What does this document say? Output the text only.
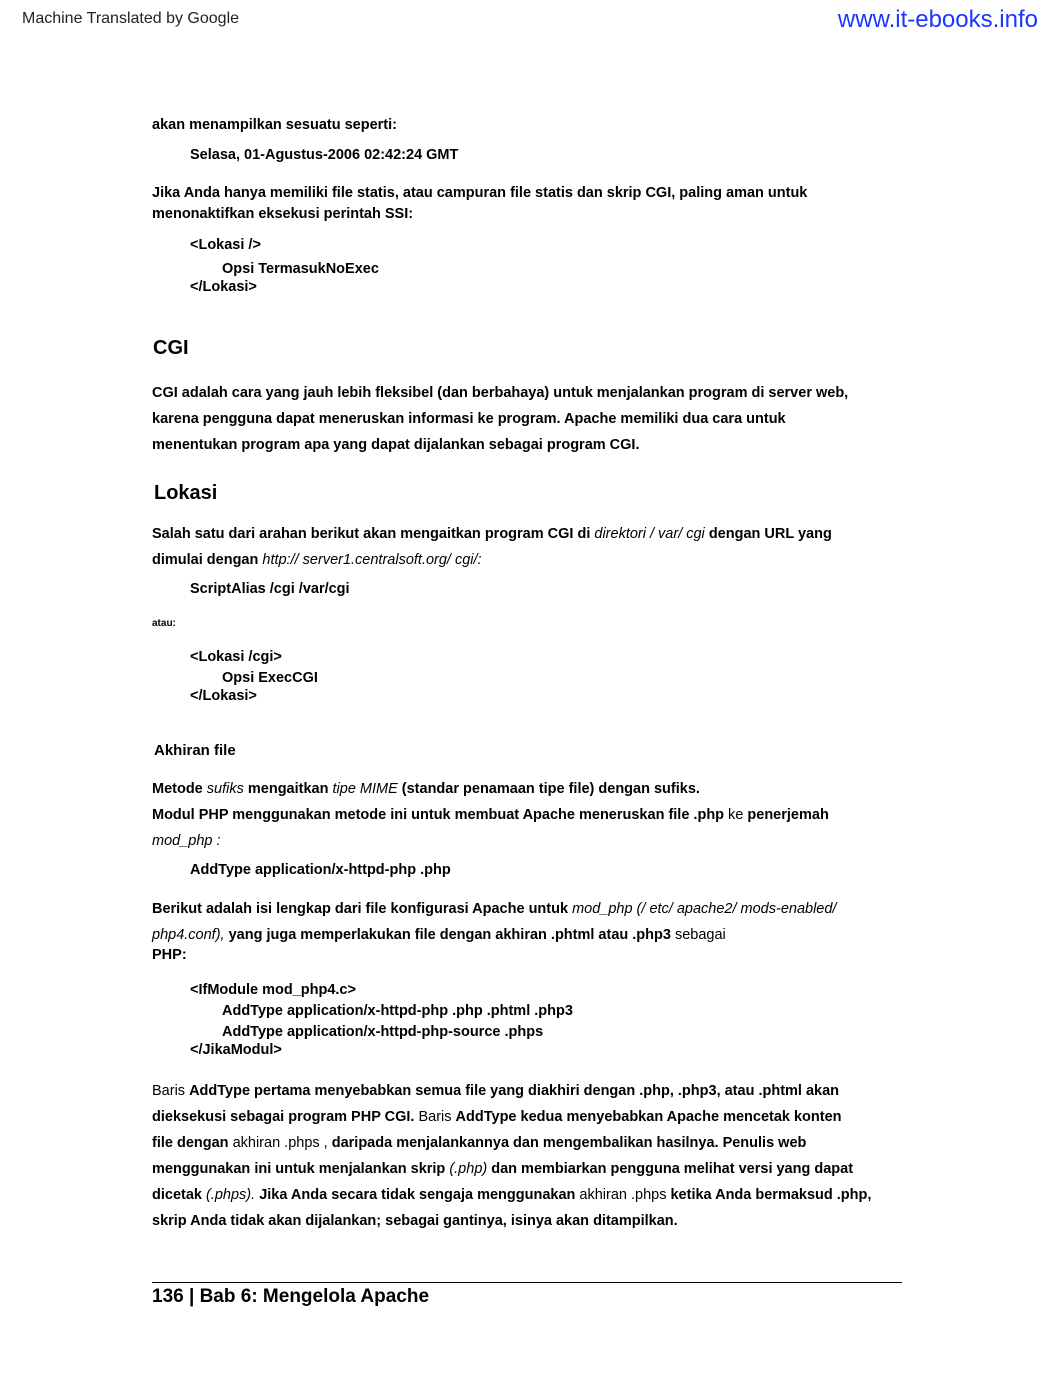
Machine Translated by Google	www.it-ebooks.info
akan menampilkan sesuatu seperti:
Selasa, 01-Agustus-2006 02:42:24 GMT
Jika Anda hanya memiliki file statis, atau campuran file statis dan skrip CGI, paling aman untuk
menonaktifkan eksekusi perintah SSI:
<Lokasi />
Opsi TermasukNoExec
</Lokasi>
CGI
CGI adalah cara yang jauh lebih fleksibel (dan berbahaya) untuk menjalankan program di server web,
karena pengguna dapat meneruskan informasi ke program. Apache memiliki dua cara untuk
menentukan program apa yang dapat dijalankan sebagai program CGI.
Lokasi
Salah satu dari arahan berikut akan mengaitkan program CGI di direktori / var/ cgi dengan URL yang
dimulai dengan http:// server1.centralsoft.org/ cgi/:
ScriptAlias /cgi /var/cgi
atau:
<Lokasi /cgi>
Opsi ExecCGI
</Lokasi>
Akhiran file
Metode sufiks mengaitkan tipe MIME (standar penamaan tipe file) dengan sufiks.
Modul PHP menggunakan metode ini untuk membuat Apache meneruskan file .php ke penerjemah
mod_php :
AddType application/x-httpd-php .php
Berikut adalah isi lengkap dari file konfigurasi Apache untuk mod_php (/ etc/ apache2/ mods-enabled/
php4.conf), yang juga memperlakukan file dengan akhiran .phtml atau .php3 sebagai
PHP:
<IfModule mod_php4.c>
AddType application/x-httpd-php .php .phtml .php3
AddType application/x-httpd-php-source .phps
</JikaModul>
Baris AddType pertama menyebabkan semua file yang diakhiri dengan .php, .php3, atau .phtml akan
dieksekusi sebagai program PHP CGI. Baris AddType kedua menyebabkan Apache mencetak konten
file dengan akhiran .phps , daripada menjalankannya dan mengembalikan hasilnya. Penulis web
menggunakan ini untuk menjalankan skrip (.php) dan membiarkan pengguna melihat versi yang dapat
dicetak (.phps). Jika Anda secara tidak sengaja menggunakan akhiran .phps ketika Anda bermaksud .php,
skrip Anda tidak akan dijalankan; sebagai gantinya, isinya akan ditampilkan.
136 | Bab 6: Mengelola Apache
